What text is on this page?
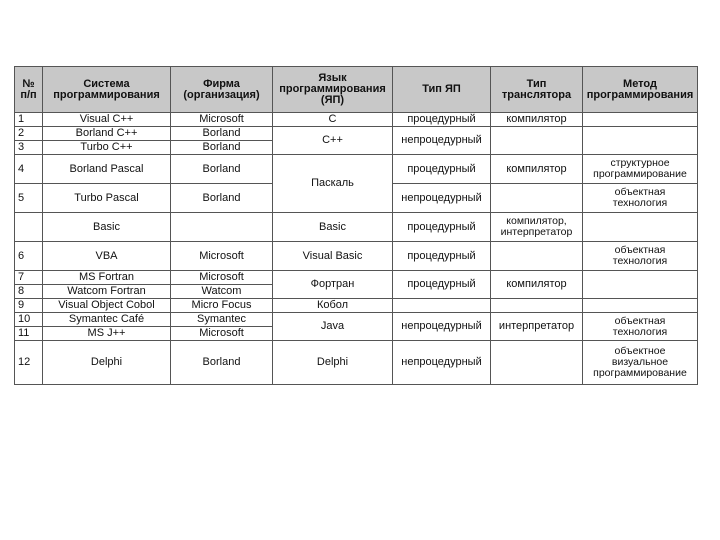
№ п/п	Система программирования	Фирма (организация)	Язык программирования (ЯП)	Тип ЯП	Тип транслятора	Метод программирования
1	Visual C++	Microsoft	C	процедурный	компилятор	
2	Borland C++	Borland	C++	непроцедурный		
3	Turbo C++	Borland				
4	Borland Pascal	Borland	Паскаль	процедурный	компилятор	структурное программирование
5	Turbo Pascal	Borland		непроцедурный		объектная технология
	Basic		Basic	процедурный	компилятор, интерпретатор	
6	VBA	Microsoft	Visual Basic	процедурный		объектная технология
7	MS Fortran	Microsoft	Фортран	процедурный	компилятор	
8	Watcom Fortran	Watcom				
9	Visual Object Cobol	Micro Focus	Кобол			
10	Symantec Café	Symantec	Java	непроцедурный	интерпретатор	объектная технология
11	MS J++	Microsoft				
12	Delphi	Borland	Delphi	непроцедурный		объектное визуальное программирование
